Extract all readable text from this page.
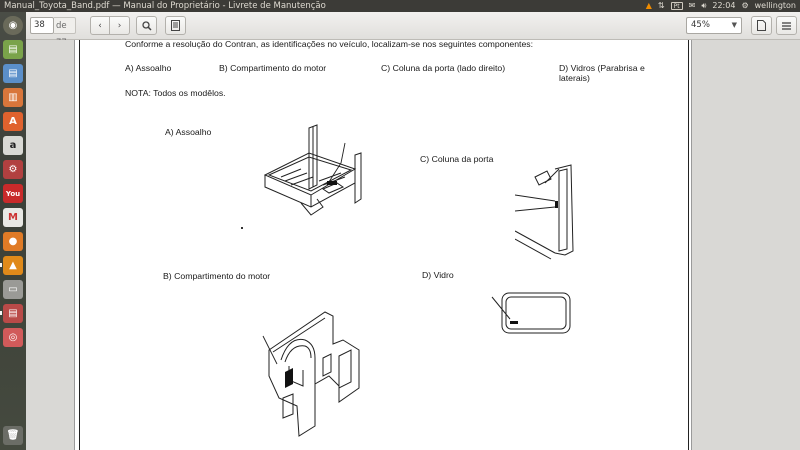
Manual_Toyota_Band.pdf — Manual do Proprietário - Livrete de Manutenção	▲ ⇅	Pt	✉ 🔊︎ 22:04 ⚙ wellington
◉
▤
▤
▥
A
a
⚙
You
M
●
▲
▭
▤
◎
🗑︎
38	de	‹	›	45%	▼
Conforme a resolução do Contran, as identificações no veículo, localizam-se nos seguintes componentes:
A) Assoalho	B) Compartimento do motor	C) Coluna da porta (lado direito)	D) Vidros (Parabrisa e laterais)
NOTA: Todos os modêlos.
A) Assoalho
C) Coluna da porta
B) Compartimento do motor	D) Vidro
